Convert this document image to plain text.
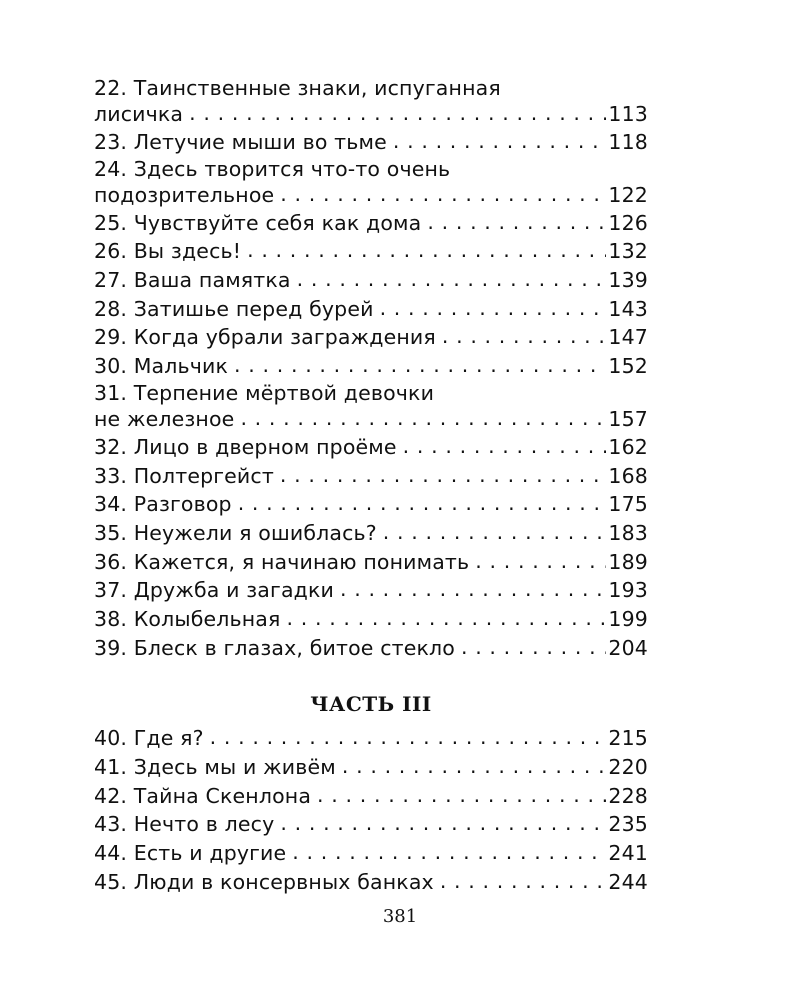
22. Таинственные знаки, испуганная
лисичка . . .	113
23. Летучие мыши во тьме . . .	118
24. Здесь творится что-то очень
подозрительное . . .	122
25. Чувствуйте себя как дома . . .	126
26. Вы здесь! . . .	132
27. Ваша памятка . . .	139
28. Затишье перед бурей . . .	143
29. Когда убрали заграждения . . .	147
30. Мальчик . . .	152
31. Терпение мёртвой девочки
не железное . . .	157
32. Лицо в дверном проёме . . .	162
33. Полтергейст . . .	168
34. Разговор . . .	175
35. Неужели я ошиблась? . . .	183
36. Кажется, я начинаю понимать . . .	189
37. Дружба и загадки . . .	193
38. Колыбельная . . .	199
39. Блеск в глазах, битое стекло . . .	204
ЧАСТЬ III
40. Где я? . . .	215
41. Здесь мы и живём . . .	220
42. Тайна Скенлона . . .	228
43. Нечто в лесу . . .	235
44. Есть и другие . . .	241
45. Люди в консервных банках . . .	244
381
